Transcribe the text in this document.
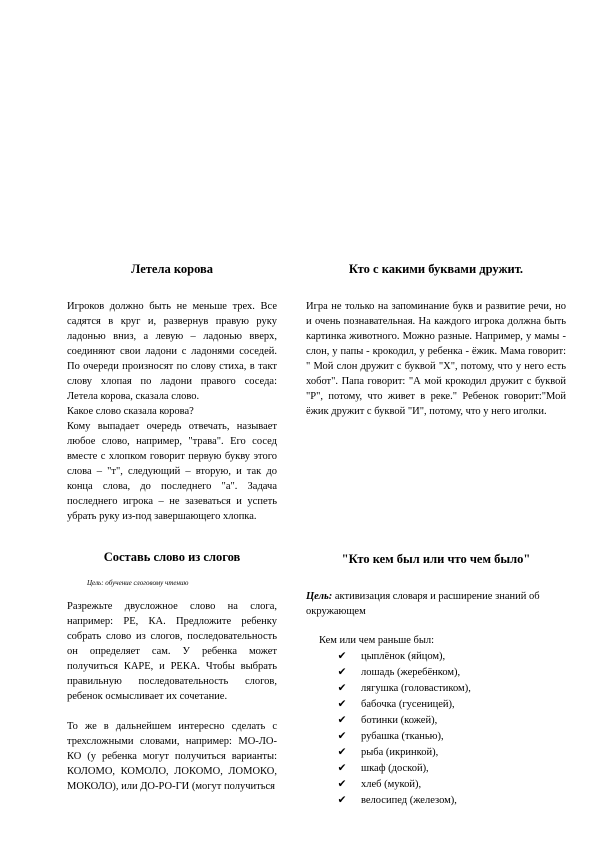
Летела корова

Игроков должно быть не меньше трех. Все садятся в круг и, развернув правую руку ладонью вниз, а левую – ладонью вверх, соединяют свои ладони с ладонями соседей. По очереди произносят по слову стиха, в такт слову хлопая по ладони правого соседа: Летела корова, сказала слово.

Какое слово сказала корова?

Кому выпадает очередь отвечать, называет любое слово, например, "трава". Его сосед вместе с хлопком говорит первую букву этого слова – "т", следующий – вторую, и так до конца слова, до последнего "а". Задача последнего игрока – не зазеваться и успеть убрать руку из-под завершающего хлопка.

Кто с какими буквами дружит.

Игра не только на запоминание букв и развитие речи, но и очень познавательная. На каждого игрока должна быть картинка животного. Можно разные. Например, у мамы - слон, у папы - крокодил, у ребенка - ёжик. Мама говорит: " Мой слон дружит с буквой "Х", потому, что у него есть хобот". Папа говорит: "А мой крокодил дружит с буквой "Р", потому, что живет в реке." Ребенок говорит:"Мой ёжик дружит с буквой "И", потому, что у него иголки.

Составь слово из слогов
Цель: обучение слоговому чтению

Разрежьте двусложное слово на слога, например: РЕ, КА. Предложите ребенку собрать слово из слогов, последовательность он определяет сам. У ребенка может получиться КАРЕ, и РЕКА. Чтобы выбрать правильную последовательность слогов, ребенок осмысливает их сочетание.

То же в дальнейшем интересно сделать с трехсложными словами, например: МО-ЛО-КО (у ребенка могут получиться варианты: КОЛОМО, КОМОЛО, ЛОКОМО, ЛОМОКО, МОКОЛО), или ДО-РО-ГИ (могут получиться

"Кто кем был или что чем было"
Цель: активизация словаря и расширение знаний об окружающем
Кем или чем раньше был:
✔ цыплёнок (яйцом),
✔ лошадь (жеребёнком),
✔ лягушка (головастиком),
✔ бабочка (гусеницей),
✔ ботинки (кожей),
✔ рубашка (тканью),
✔ рыба (икринкой),
✔ шкаф (доской),
✔ хлеб (мукой),
✔ велосипед (железом),
